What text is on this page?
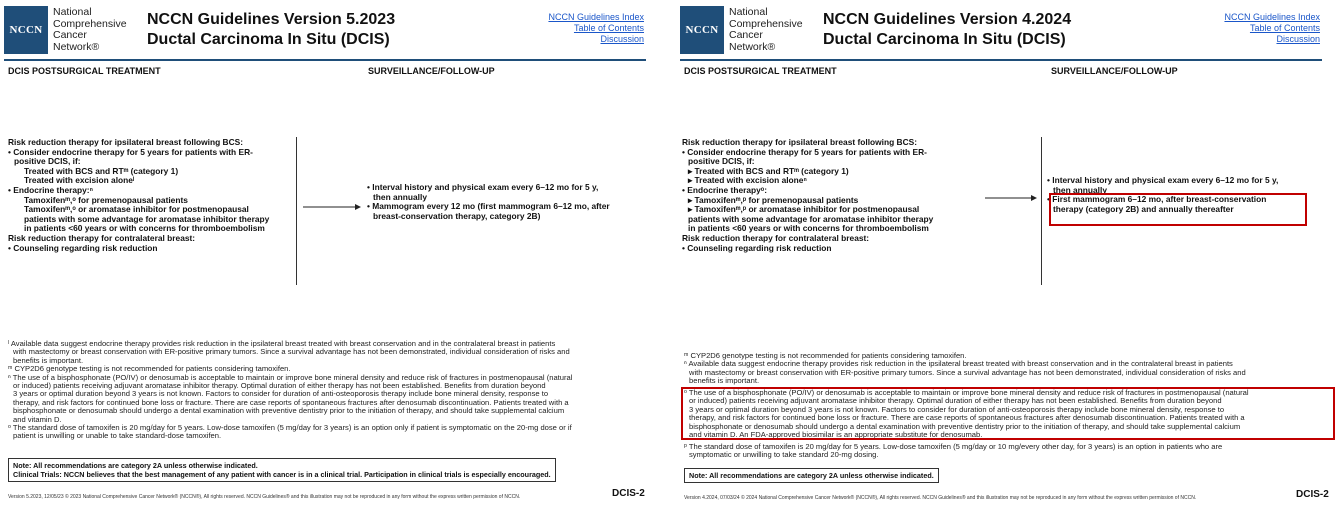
NCCN
National
Comprehensive
Cancer
Network®
NCCN Guidelines Version 5.2023
Ductal Carcinoma In Situ (DCIS)
NCCN Guidelines Index
Table of Contents
Discussion
DCIS POSTSURGICAL TREATMENT	SURVEILLANCE/FOLLOW-UP
Risk reduction therapy for ipsilateral breast following BCS:
• Consider endocrine therapy for 5 years for patients with ER-
positive DCIS, if:
Treated with BCS and RTᵐ (category 1)
Treated with excision aloneˡ
• Endocrine therapy:ⁿ
Tamoxifenᵐ,ᵒ for premenopausal patients
Tamoxifenᵐ,ᵒ or aromatase inhibitor for postmenopausal
patients with some advantage for aromatase inhibitor therapy
in patients <60 years or with concerns for thromboembolism
Risk reduction therapy for contralateral breast:
• Counseling regarding risk reduction
• Interval history and physical exam every 6–12 mo for 5 y,
then annually
• Mammogram every 12 mo (first mammogram 6–12 mo, after
breast-conservation therapy, category 2B)
ˡ Available data suggest endocrine therapy provides risk reduction in the ipsilateral breast treated with breast conservation and in the contralateral breast in patients
with mastectomy or breast conservation with ER-positive primary tumors. Since a survival advantage has not been demonstrated, individual consideration of risks and
benefits is important.
ᵐ CYP2D6 genotype testing is not recommended for patients considering tamoxifen.
ⁿ The use of a bisphosphonate (PO/IV) or denosumab is acceptable to maintain or improve bone mineral density and reduce risk of fractures in postmenopausal (natural
or induced) patients receiving adjuvant aromatase inhibitor therapy. Optimal duration of either therapy has not been established. Benefits from duration beyond
3 years or optimal duration beyond 3 years is not known. Factors to consider for duration of anti-osteoporosis therapy include bone mineral density, response to
therapy, and risk factors for continued bone loss or fracture. There are case reports of spontaneous fractures after denosumab discontinuation. Patients treated with a
bisphosphonate or denosumab should undergo a dental examination with preventive dentistry prior to the initiation of therapy, and should take supplemental calcium
and vitamin D.
ᵒ The standard dose of tamoxifen is 20 mg/day for 5 years. Low-dose tamoxifen (5 mg/day for 3 years) is an option only if patient is symptomatic on the 20-mg dose or if
patient is unwilling or unable to take standard-dose tamoxifen.
Note: All recommendations are category 2A unless otherwise indicated.
Clinical Trials: NCCN believes that the best management of any patient with cancer is in a clinical trial. Participation in clinical trials is especially encouraged.
Version 5.2023, 12/05/23 © 2023 National Comprehensive Cancer Network® (NCCN®), All rights reserved. NCCN Guidelines® and this illustration may not be reproduced in any form without the express written permission of NCCN.	DCIS-2
NCCN
National
Comprehensive
Cancer
Network®
NCCN Guidelines Version 4.2024
Ductal Carcinoma In Situ (DCIS)
NCCN Guidelines Index
Table of Contents
Discussion
DCIS POSTSURGICAL TREATMENT	SURVEILLANCE/FOLLOW-UP
Risk reduction therapy for ipsilateral breast following BCS:
• Consider endocrine therapy for 5 years for patients with ER-
positive DCIS, if:
▸ Treated with BCS and RTᵐ (category 1)
▸ Treated with excision aloneⁿ
• Endocrine therapyᵒ:
▸ Tamoxifenᵐ,ᵖ for premenopausal patients
▸ Tamoxifenᵐ,ᵖ or aromatase inhibitor for postmenopausal
patients with some advantage for aromatase inhibitor therapy
in patients <60 years or with concerns for thromboembolism
Risk reduction therapy for contralateral breast:
• Counseling regarding risk reduction
• Interval history and physical exam every 6–12 mo for 5 y,
then annually
• First mammogram 6–12 mo, after breast-conservation
therapy (category 2B) and annually thereafter
ᵐ CYP2D6 genotype testing is not recommended for patients considering tamoxifen.
ⁿ Available data suggest endocrine therapy provides risk reduction in the ipsilateral breast treated with breast conservation and in the contralateral breast in patients
with mastectomy or breast conservation with ER-positive primary tumors. Since a survival advantage has not been demonstrated, individual consideration of risks and
benefits is important.
ᵒ The use of a bisphosphonate (PO/IV) or denosumab is acceptable to maintain or improve bone mineral density and reduce risk of fractures in postmenopausal (natural
or induced) patients receiving adjuvant aromatase inhibitor therapy. Optimal duration of either therapy has not been established. Benefits from duration beyond
3 years or optimal duration beyond 3 years is not known. Factors to consider for duration of anti-osteoporosis therapy include bone mineral density, response to
therapy, and risk factors for continued bone loss or fracture. There are case reports of spontaneous fractures after denosumab discontinuation. Patients treated with a
bisphosphonate or denosumab should undergo a dental examination with preventive dentistry prior to the initiation of therapy, and should take supplemental calcium
and vitamin D. An FDA-approved biosimilar is an appropriate substitute for denosumab.
ᵖ The standard dose of tamoxifen is 20 mg/day for 5 years. Low-dose tamoxifen (5 mg/day or 10 mg/every other day, for 3 years) is an option in patients who are
symptomatic or unwilling to take standard 20-mg dosing.
Note: All recommendations are category 2A unless otherwise indicated.
Version 4.2024, 07/03/24 © 2024 National Comprehensive Cancer Network® (NCCN®), All rights reserved. NCCN Guidelines® and this illustration may not be reproduced in any form without the express written permission of NCCN.	DCIS-2
